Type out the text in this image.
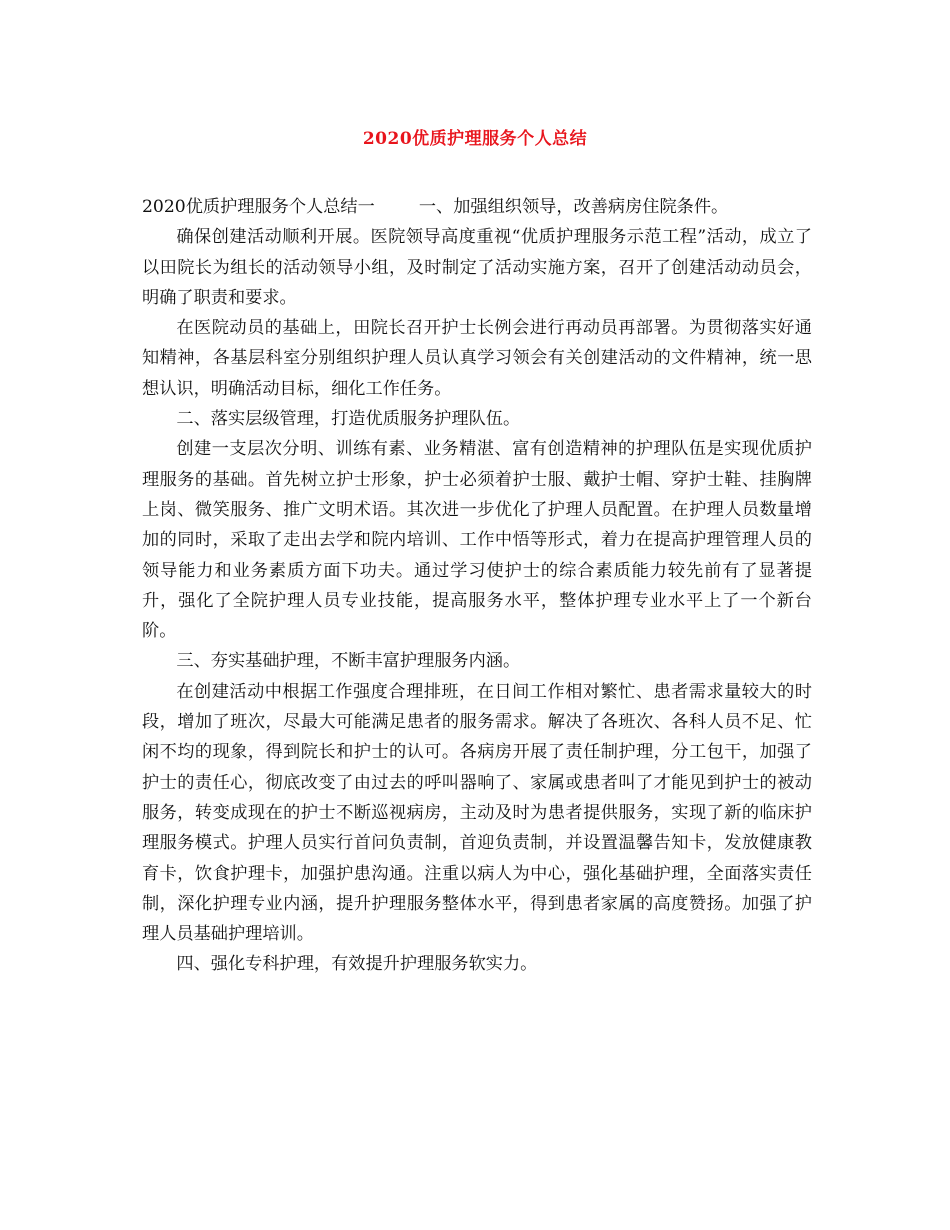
2020优质护理服务个人总结

2020优质护理服务个人总结一	一、加强组织领导，改善病房住院条件。

确保创建活动顺利开展。医院领导高度重视“优质护理服务示范工程”活动，成立了以田院长为组长的活动领导小组，及时制定了活动实施方案，召开了创建活动动员会，明确了职责和要求。

在医院动员的基础上，田院长召开护士长例会进行再动员再部署。为贯彻落实好通知精神，各基层科室分别组织护理人员认真学习领会有关创建活动的文件精神，统一思想认识，明确活动目标，细化工作任务。

二、落实层级管理，打造优质服务护理队伍。

创建一支层次分明、训练有素、业务精湛、富有创造精神的护理队伍是实现优质护理服务的基础。首先树立护士形象，护士必须着护士服、戴护士帽、穿护士鞋、挂胸牌上岗、微笑服务、推广文明术语。其次进一步优化了护理人员配置。在护理人员数量增加的同时，采取了走出去学和院内培训、工作中悟等形式，着力在提高护理管理人员的领导能力和业务素质方面下功夫。通过学习使护士的综合素质能力较先前有了显著提升，强化了全院护理人员专业技能，提高服务水平，整体护理专业水平上了一个新台阶。

三、夯实基础护理，不断丰富护理服务内涵。

在创建活动中根据工作强度合理排班，在日间工作相对繁忙、患者需求量较大的时段，增加了班次，尽最大可能满足患者的服务需求。解决了各班次、各科人员不足、忙闲不均的现象，得到院长和护士的认可。各病房开展了责任制护理，分工包干，加强了护士的责任心，彻底改变了由过去的呼叫器响了、家属或患者叫了才能见到护士的被动服务，转变成现在的护士不断巡视病房，主动及时为患者提供服务，实现了新的临床护理服务模式。护理人员实行首问负责制，首迎负责制，并设置温馨告知卡，发放健康教育卡，饮食护理卡，加强护患沟通。注重以病人为中心，强化基础护理，全面落实责任制，深化护理专业内涵，提升护理服务整体水平，得到患者家属的高度赞扬。加强了护理人员基础护理培训。

四、强化专科护理，有效提升护理服务软实力。
